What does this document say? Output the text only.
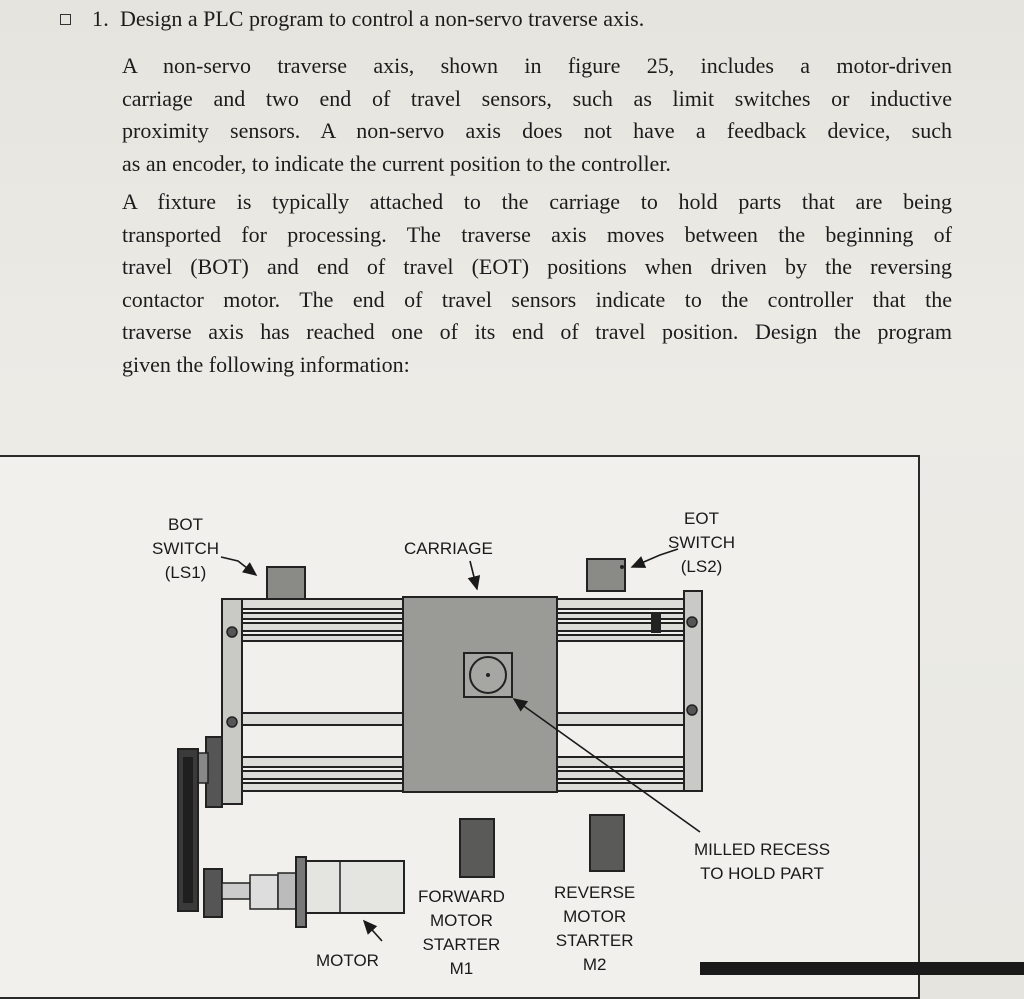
1. Design a PLC program to control a non-servo traverse axis.
A non-servo traverse axis, shown in figure 25, includes a motor-driven
carriage and two end of travel sensors, such as limit switches or inductive
proximity sensors. A non-servo axis does not have a feedback device, such
as an encoder, to indicate the current position to the controller.
A fixture is typically attached to the carriage to hold parts that are being
transported for processing. The traverse axis moves between the beginning of
travel (BOT) and end of travel (EOT) positions when driven by the reversing
contactor motor. The end of travel sensors indicate to the controller that the
traverse axis has reached one of its end of travel position. Design the program
given the following information:
BOT
SWITCH
(LS1)
EOT
SWITCH
(LS2)
CARRIAGE
MILLED RECESS
TO HOLD PART
FORWARD
MOTOR
STARTER
M1
REVERSE
MOTOR
STARTER
M2
MOTOR
